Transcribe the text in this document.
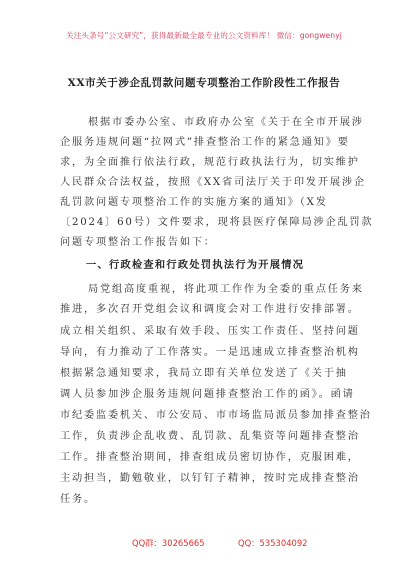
关注头条号“公文研究”，获得最新最全最专业的公文资料库！ 微信：gongwenyj
XX市关于涉企乱罚款问题专项整治工作阶段性工作报告
根据市委办公室、市政府办公室《关于在全市开展涉
企服务违规问题“拉网式”排查整治工作的紧急通知》要
求，为全面推行依法行政，规范行政执法行为，切实维护
人民群众合法权益，按照《XX省司法厅关于印发开展涉企
乱罚款问题专项整治工作的实施方案的通知》（X发
〔2024〕60号）文件要求，现将县医疗保障局涉企乱罚款
问题专项整治工作报告如下：
一、行政检查和行政处罚执法行为开展情况
局党组高度重视，将此项工作作为全委的重点任务来
推进，多次召开党组会议和调度会对工作进行安排部署。
成立相关组织、采取有效手段、压实工作责任、坚持问题
导向，有力推动了工作落实。一是迅速成立排查整治机构
根据紧急通知要求，我局立即有关单位发送了《关于抽
调人员参加涉企服务违规问题排查整治工作的函》。函请
市纪委监委机关、市公安局、市市场监局派员参加排查整治
工作，负责涉企乱收费、乱罚款、乱集资等问题排查整治
工作。排查整治期间，排查组成员密切协作，克服困难，
主动担当，勤勉敬业，以钉钉子精神，按时完成排查整治
任务。
QQ群：30265665	QQ：535304092
